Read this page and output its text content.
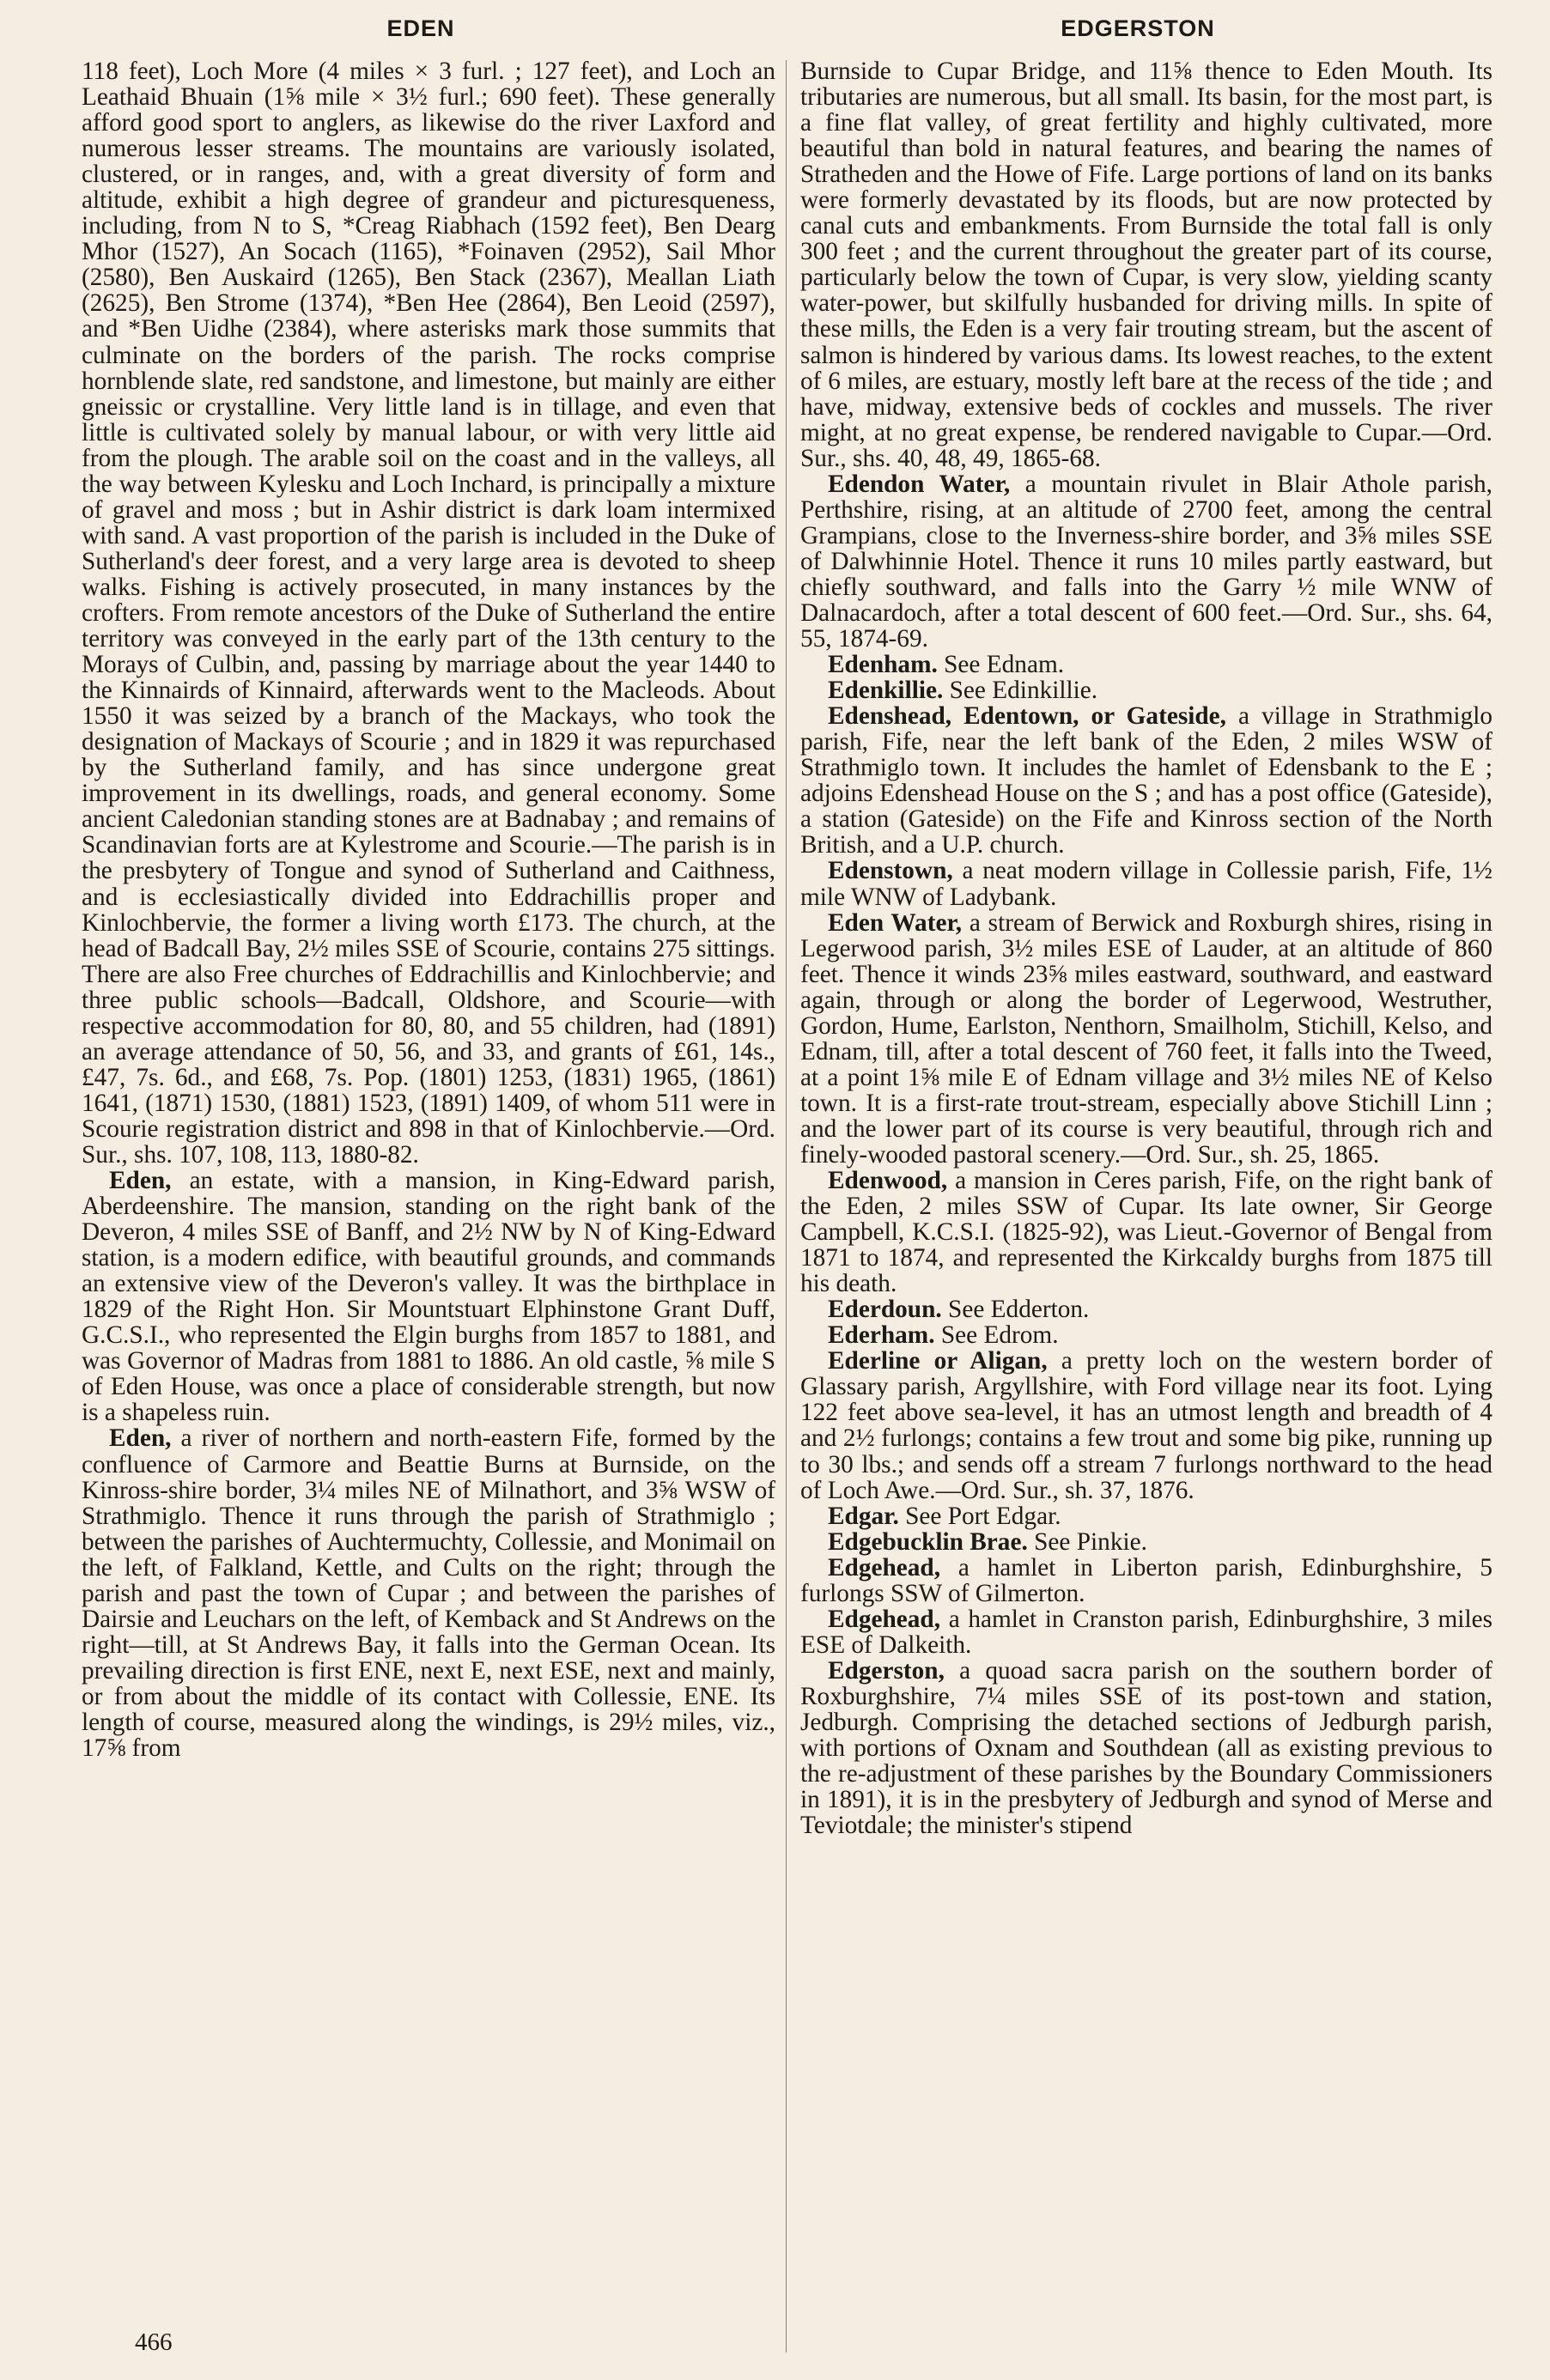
EDEN	EDGERSTON

118 feet), Loch More (4 miles × 3 furl. ; 127 feet), and Loch an Leathaid Bhuain (1⅝ mile × 3½ furl.; 690 feet). These generally afford good sport to anglers, as likewise do the river Laxford and numerous lesser streams. The mountains are variously isolated, clustered, or in ranges, and, with a great diversity of form and altitude, exhibit a high degree of grandeur and picturesqueness, including, from N to S, *Creag Riabhach (1592 feet), Ben Dearg Mhor (1527), An Socach (1165), *Foinaven (2952), Sail Mhor (2580), Ben Auskaird (1265), Ben Stack (2367), Meallan Liath (2625), Ben Strome (1374), *Ben Hee (2864), Ben Leoid (2597), and *Ben Uidhe (2384), where asterisks mark those summits that culminate on the borders of the parish. The rocks comprise hornblende slate, red sandstone, and limestone, but mainly are either gneissic or crystalline. Very little land is in tillage, and even that little is cultivated solely by manual labour, or with very little aid from the plough. The arable soil on the coast and in the valleys, all the way between Kylesku and Loch Inchard, is principally a mixture of gravel and moss ; but in Ashir district is dark loam intermixed with sand. A vast proportion of the parish is included in the Duke of Sutherland's deer forest, and a very large area is devoted to sheep walks. Fishing is actively prosecuted, in many instances by the crofters. From remote ancestors of the Duke of Sutherland the entire territory was conveyed in the early part of the 13th century to the Morays of Culbin, and, passing by marriage about the year 1440 to the Kinnairds of Kinnaird, afterwards went to the Macleods. About 1550 it was seized by a branch of the Mackays, who took the designation of Mackays of Scourie ; and in 1829 it was repurchased by the Sutherland family, and has since undergone great improvement in its dwellings, roads, and general economy. Some ancient Caledonian standing stones are at Badnabay ; and remains of Scandinavian forts are at Kylestrome and Scourie.—The parish is in the presbytery of Tongue and synod of Sutherland and Caithness, and is ecclesiastically divided into Eddrachillis proper and Kinlochbervie, the former a living worth £173. The church, at the head of Badcall Bay, 2½ miles SSE of Scourie, contains 275 sittings. There are also Free churches of Eddrachillis and Kinlochbervie; and three public schools—Badcall, Oldshore, and Scourie—with respective accommodation for 80, 80, and 55 children, had (1891) an average attendance of 50, 56, and 33, and grants of £61, 14s., £47, 7s. 6d., and £68, 7s. Pop. (1801) 1253, (1831) 1965, (1861) 1641, (1871) 1530, (1881) 1523, (1891) 1409, of whom 511 were in Scourie registration district and 898 in that of Kinlochbervie.—Ord. Sur., shs. 107, 108, 113, 1880-82.

Eden, an estate, with a mansion, in King-Edward parish, Aberdeenshire. The mansion, standing on the right bank of the Deveron, 4 miles SSE of Banff, and 2½ NW by N of King-Edward station, is a modern edifice, with beautiful grounds, and commands an extensive view of the Deveron's valley. It was the birthplace in 1829 of the Right Hon. Sir Mountstuart Elphinstone Grant Duff, G.C.S.I., who represented the Elgin burghs from 1857 to 1881, and was Governor of Madras from 1881 to 1886. An old castle, ⅝ mile S of Eden House, was once a place of considerable strength, but now is a shapeless ruin.

Eden, a river of northern and north-eastern Fife, formed by the confluence of Carmore and Beattie Burns at Burnside, on the Kinross-shire border, 3¼ miles NE of Milnathort, and 3⅝ WSW of Strathmiglo. Thence it runs through the parish of Strathmiglo ; between the parishes of Auchtermuchty, Collessie, and Monimail on the left, of Falkland, Kettle, and Cults on the right; through the parish and past the town of Cupar ; and between the parishes of Dairsie and Leuchars on the left, of Kemback and St Andrews on the right—till, at St Andrews Bay, it falls into the German Ocean. Its prevailing direction is first ENE, next E, next ESE, next and mainly, or from about the middle of its contact with Collessie, ENE. Its length of course, measured along the windings, is 29½ miles, viz., 17⅝ from

Burnside to Cupar Bridge, and 11⅝ thence to Eden Mouth. Its tributaries are numerous, but all small. Its basin, for the most part, is a fine flat valley, of great fertility and highly cultivated, more beautiful than bold in natural features, and bearing the names of Stratheden and the Howe of Fife. Large portions of land on its banks were formerly devastated by its floods, but are now protected by canal cuts and embankments. From Burnside the total fall is only 300 feet ; and the current throughout the greater part of its course, particularly below the town of Cupar, is very slow, yielding scanty water-power, but skilfully husbanded for driving mills. In spite of these mills, the Eden is a very fair trouting stream, but the ascent of salmon is hindered by various dams. Its lowest reaches, to the extent of 6 miles, are estuary, mostly left bare at the recess of the tide ; and have, midway, extensive beds of cockles and mussels. The river might, at no great expense, be rendered navigable to Cupar.—Ord. Sur., shs. 40, 48, 49, 1865-68.

Edendon Water, a mountain rivulet in Blair Athole parish, Perthshire, rising, at an altitude of 2700 feet, among the central Grampians, close to the Inverness-shire border, and 3⅝ miles SSE of Dalwhinnie Hotel. Thence it runs 10 miles partly eastward, but chiefly southward, and falls into the Garry ½ mile WNW of Dalnacardoch, after a total descent of 600 feet.—Ord. Sur., shs. 64, 55, 1874-69.

Edenham. See Ednam.

Edenkillie. See Edinkillie.

Edenshead, Edentown, or Gateside, a village in Strathmiglo parish, Fife, near the left bank of the Eden, 2 miles WSW of Strathmiglo town. It includes the hamlet of Edensbank to the E ; adjoins Edenshead House on the S ; and has a post office (Gateside), a station (Gateside) on the Fife and Kinross section of the North British, and a U.P. church.

Edenstown, a neat modern village in Collessie parish, Fife, 1½ mile WNW of Ladybank.

Eden Water, a stream of Berwick and Roxburgh shires, rising in Legerwood parish, 3½ miles ESE of Lauder, at an altitude of 860 feet. Thence it winds 23⅝ miles eastward, southward, and eastward again, through or along the border of Legerwood, Westruther, Gordon, Hume, Earlston, Nenthorn, Smailholm, Stichill, Kelso, and Ednam, till, after a total descent of 760 feet, it falls into the Tweed, at a point 1⅝ mile E of Ednam village and 3½ miles NE of Kelso town. It is a first-rate trout-stream, especially above Stichill Linn ; and the lower part of its course is very beautiful, through rich and finely-wooded pastoral scenery.—Ord. Sur., sh. 25, 1865.

Edenwood, a mansion in Ceres parish, Fife, on the right bank of the Eden, 2 miles SSW of Cupar. Its late owner, Sir George Campbell, K.C.S.I. (1825-92), was Lieut.-Governor of Bengal from 1871 to 1874, and represented the Kirkcaldy burghs from 1875 till his death.

Ederdoun. See Edderton.

Ederham. See Edrom.

Ederline or Aligan, a pretty loch on the western border of Glassary parish, Argyllshire, with Ford village near its foot. Lying 122 feet above sea-level, it has an utmost length and breadth of 4 and 2½ furlongs; contains a few trout and some big pike, running up to 30 lbs.; and sends off a stream 7 furlongs northward to the head of Loch Awe.—Ord. Sur., sh. 37, 1876.

Edgar. See Port Edgar.

Edgebucklin Brae. See Pinkie.

Edgehead, a hamlet in Liberton parish, Edinburghshire, 5 furlongs SSW of Gilmerton.

Edgehead, a hamlet in Cranston parish, Edinburghshire, 3 miles ESE of Dalkeith.

Edgerston, a quoad sacra parish on the southern border of Roxburghshire, 7¼ miles SSE of its post-town and station, Jedburgh. Comprising the detached sections of Jedburgh parish, with portions of Oxnam and Southdean (all as existing previous to the re-adjustment of these parishes by the Boundary Commissioners in 1891), it is in the presbytery of Jedburgh and synod of Merse and Teviotdale; the minister's stipend

466
